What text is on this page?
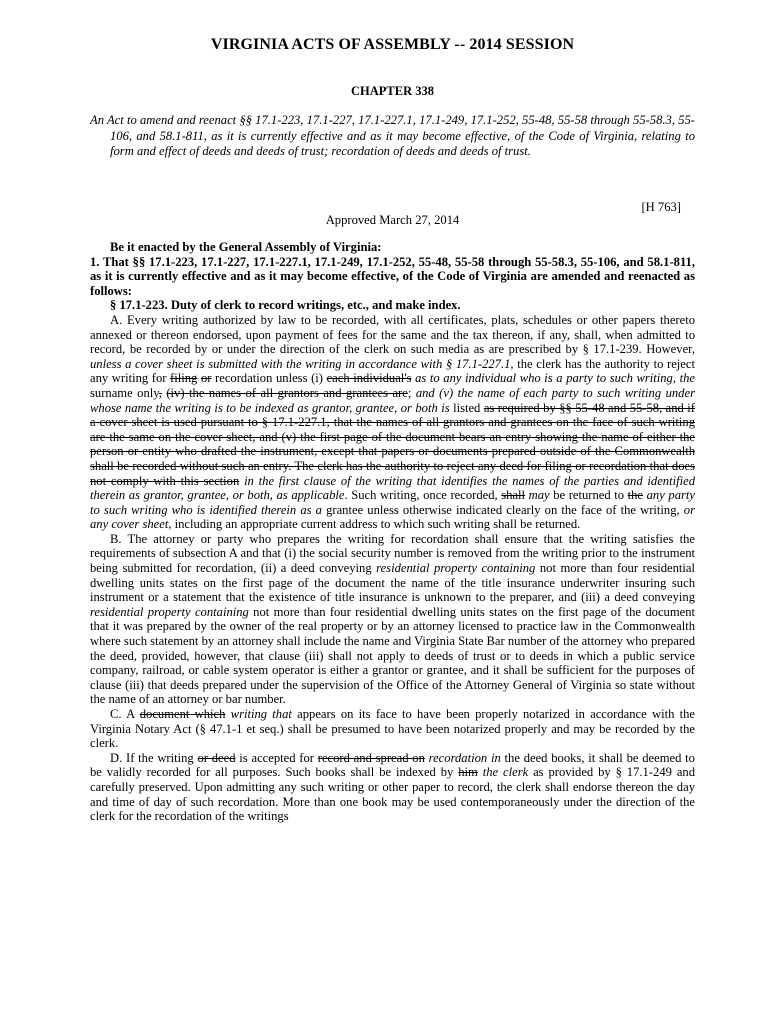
VIRGINIA ACTS OF ASSEMBLY -- 2014 SESSION
CHAPTER 338
An Act to amend and reenact §§ 17.1-223, 17.1-227, 17.1-227.1, 17.1-249, 17.1-252, 55-48, 55-58 through 55-58.3, 55-106, and 58.1-811, as it is currently effective and as it may become effective, of the Code of Virginia, relating to form and effect of deeds and deeds of trust; recordation of deeds and deeds of trust.
[H 763]
Approved March 27, 2014

Be it enacted by the General Assembly of Virginia:

1. That §§ 17.1-223, 17.1-227, 17.1-227.1, 17.1-249, 17.1-252, 55-48, 55-58 through 55-58.3, 55-106, and 58.1-811, as it is currently effective and as it may become effective, of the Code of Virginia are amended and reenacted as follows:

§ 17.1-223. Duty of clerk to record writings, etc., and make index.

A. Every writing authorized by law to be recorded, with all certificates, plats, schedules or other papers thereto annexed or thereon endorsed, upon payment of fees for the same and the tax thereon, if any, shall, when admitted to record, be recorded by or under the direction of the clerk on such media as are prescribed by § 17.1-239. However, unless a cover sheet is submitted with the writing in accordance with § 17.1-227.1, the clerk has the authority to reject any writing for filing or recordation unless (i) each individual's as to any individual who is a party to such writing, the surname only, (iv) the names of all grantors and grantees are; and (v) the name of each party to such writing under whose name the writing is to be indexed as grantor, grantee, or both is listed as required by §§ 55-48 and 55-58, and if a cover sheet is used pursuant to § 17.1-227.1, that the names of all grantors and grantees on the face of such writing are the same on the cover sheet, and (v) the first page of the document bears an entry showing the name of either the person or entity who drafted the instrument, except that papers or documents prepared outside of the Commonwealth shall be recorded without such an entry. The clerk has the authority to reject any deed for filing or recordation that does not comply with this section in the first clause of the writing that identifies the names of the parties and identified therein as grantor, grantee, or both, as applicable. Such writing, once recorded, shall may be returned to the any party to such writing who is identified therein as a grantee unless otherwise indicated clearly on the face of the writing, or any cover sheet, including an appropriate current address to which such writing shall be returned.

B. The attorney or party who prepares the writing for recordation shall ensure that the writing satisfies the requirements of subsection A and that (i) the social security number is removed from the writing prior to the instrument being submitted for recordation, (ii) a deed conveying residential property containing not more than four residential dwelling units states on the first page of the document the name of the title insurance underwriter insuring such instrument or a statement that the existence of title insurance is unknown to the preparer, and (iii) a deed conveying residential property containing not more than four residential dwelling units states on the first page of the document that it was prepared by the owner of the real property or by an attorney licensed to practice law in the Commonwealth where such statement by an attorney shall include the name and Virginia State Bar number of the attorney who prepared the deed, provided, however, that clause (iii) shall not apply to deeds of trust or to deeds in which a public service company, railroad, or cable system operator is either a grantor or grantee, and it shall be sufficient for the purposes of clause (iii) that deeds prepared under the supervision of the Office of the Attorney General of Virginia so state without the name of an attorney or bar number.

C. A document which writing that appears on its face to have been properly notarized in accordance with the Virginia Notary Act (§ 47.1-1 et seq.) shall be presumed to have been notarized properly and may be recorded by the clerk.

D. If the writing or deed is accepted for record and spread on recordation in the deed books, it shall be deemed to be validly recorded for all purposes. Such books shall be indexed by him the clerk as provided by § 17.1-249 and carefully preserved. Upon admitting any such writing or other paper to record, the clerk shall endorse thereon the day and time of day of such recordation. More than one book may be used contemporaneously under the direction of the clerk for the recordation of the writings
